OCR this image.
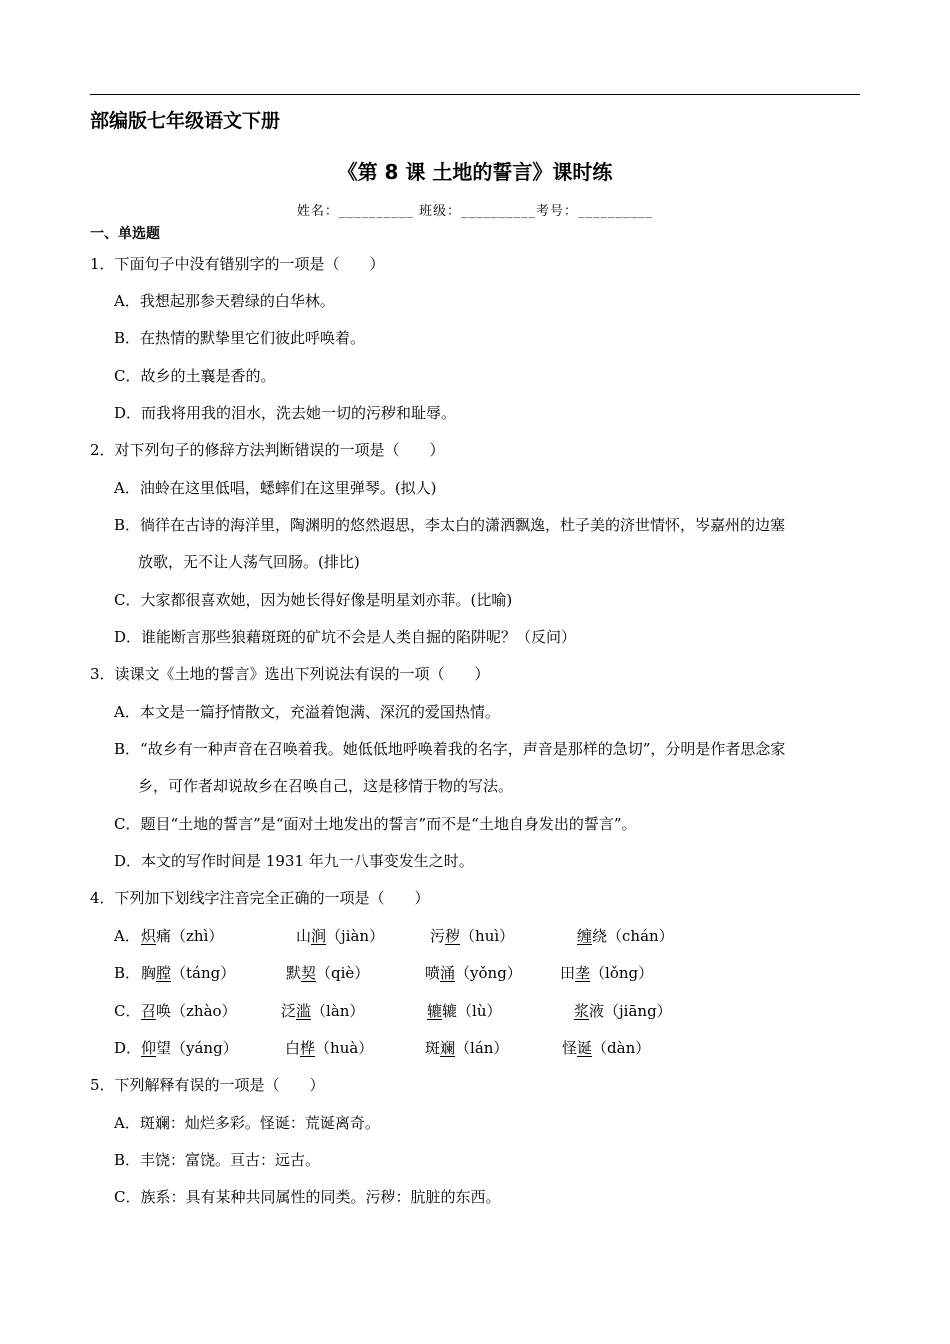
部编版七年级语文下册
《第 8 课 土地的誓言》课时练
姓名：__________ 班级：__________考号：__________
一、单选题
1．下面句子中没有错别字的一项是（　　）
A．我想起那参天碧绿的白华林。
B．在热情的默挚里它们彼此呼唤着。
C．故乡的土襄是香的。
D．而我将用我的泪水，洗去她一切的污秽和耻辱。
2．对下列句子的修辞方法判断错误的一项是（　　）
A．油蛉在这里低唱，蟋蟀们在这里弹琴。(拟人)
B．徜徉在古诗的海洋里，陶渊明的悠然遐思，李太白的潇洒飘逸，杜子美的济世情怀，岑嘉州的边塞
放歌，无不让人荡气回肠。(排比)
C．大家都很喜欢她，因为她长得好像是明星刘亦菲。(比喻)
D．谁能断言那些狼藉斑斑的矿坑不会是人类自掘的陷阱呢？（反问）
3．读课文《土地的誓言》选出下列说法有误的一项（　　）
A．本文是一篇抒情散文，充溢着饱满、深沉的爱国热情。
B．“故乡有一种声音在召唤着我。她低低地呼唤着我的名字，声音是那样的急切”，分明是作者思念家
乡，可作者却说故乡在召唤自己，这是移情于物的写法。
C．题目“土地的誓言”是“面对土地发出的誓言”而不是“土地自身发出的誓言”。
D．本文的写作时间是 1931 年九一八事变发生之时。
4．下列加下划线字注音完全正确的一项是（　　）
A． 炽痛（zhì）	山涧（jiàn）	污秽（huì）	缠绕（chán）
B． 胸膛（táng）	默契（qiè）	喷涌（yǒng）	田垄（lǒng）
C． 召唤（zhào）	泛滥（làn）	辘辘（lù）	浆液（jiāng）
D． 仰望（yáng）	白桦（huà）	斑斓（lán）	怪诞（dàn）
5．下列解释有误的一项是（　　）
A．斑斓：灿烂多彩。怪诞：荒诞离奇。
B．丰饶：富饶。亘古：远古。
C．族系：具有某种共同属性的同类。污秽：肮脏的东西。
